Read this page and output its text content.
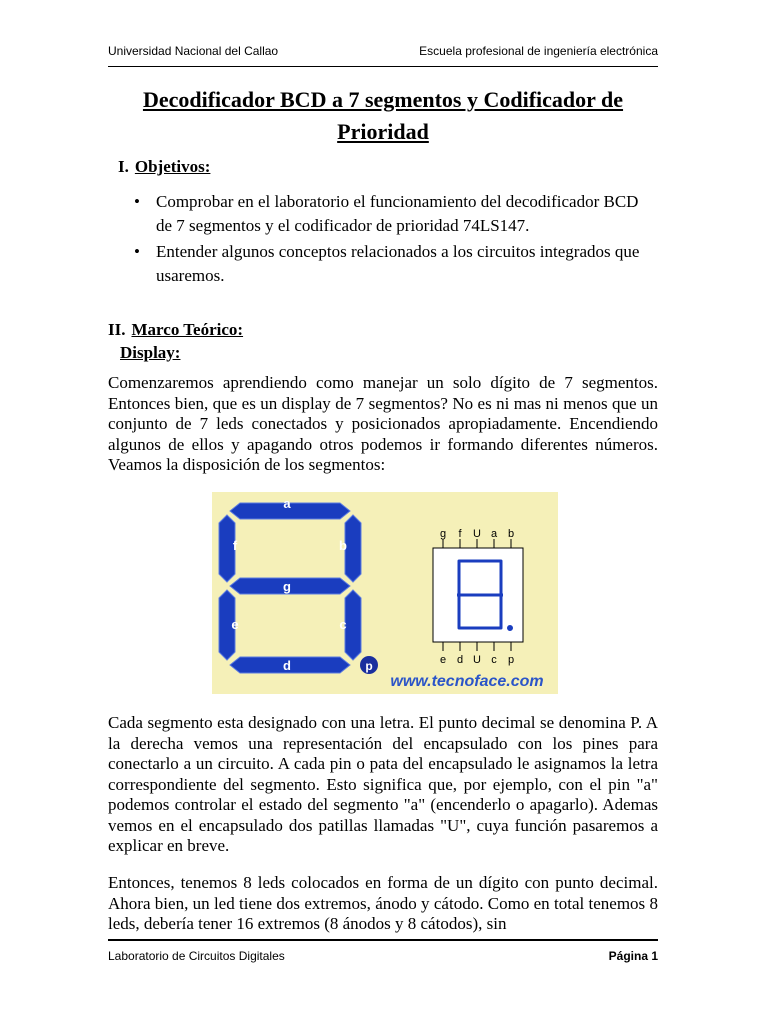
Universidad Nacional del Callao	Escuela profesional de ingeniería electrónica
Decodificador BCD a 7 segmentos y Codificador de
Prioridad
I. Objetivos:
• Comprobar en el laboratorio el funcionamiento del decodificador BCD de 7 segmentos y el codificador de prioridad 74LS147.
• Entender algunos conceptos relacionados a los circuitos integrados que usaremos.
II. Marco Teórico:
Display:
Comenzaremos aprendiendo como manejar un solo dígito de 7 segmentos. Entonces bien, que es un display de 7 segmentos? No es ni mas ni menos que un conjunto de 7 leds conectados y posicionados apropiadamente. Encendiendo algunos de ellos y apagando otros podemos ir formando diferentes números. Veamos la disposición de los segmentos:
a
g
d
f	b
e	c
p
g f U a b
e d U c p
www.tecnoface.com
Cada segmento esta designado con una letra. El punto decimal se denomina P. A la derecha vemos una representación del encapsulado con los pines para conectarlo a un circuito. A cada pin o pata del encapsulado le asignamos la letra correspondiente del segmento. Esto significa que, por ejemplo, con el pin "a" podemos controlar el estado del segmento "a" (encenderlo o apagarlo). Ademas vemos en el encapsulado dos patillas llamadas "U", cuya función pasaremos a explicar en breve.
Entonces, tenemos 8 leds colocados en forma de un dígito con punto decimal. Ahora bien, un led tiene dos extremos, ánodo y cátodo. Como en total tenemos 8 leds, debería tener 16 extremos (8 ánodos y 8 cátodos), sin
Laboratorio de Circuitos Digitales	Página 1
